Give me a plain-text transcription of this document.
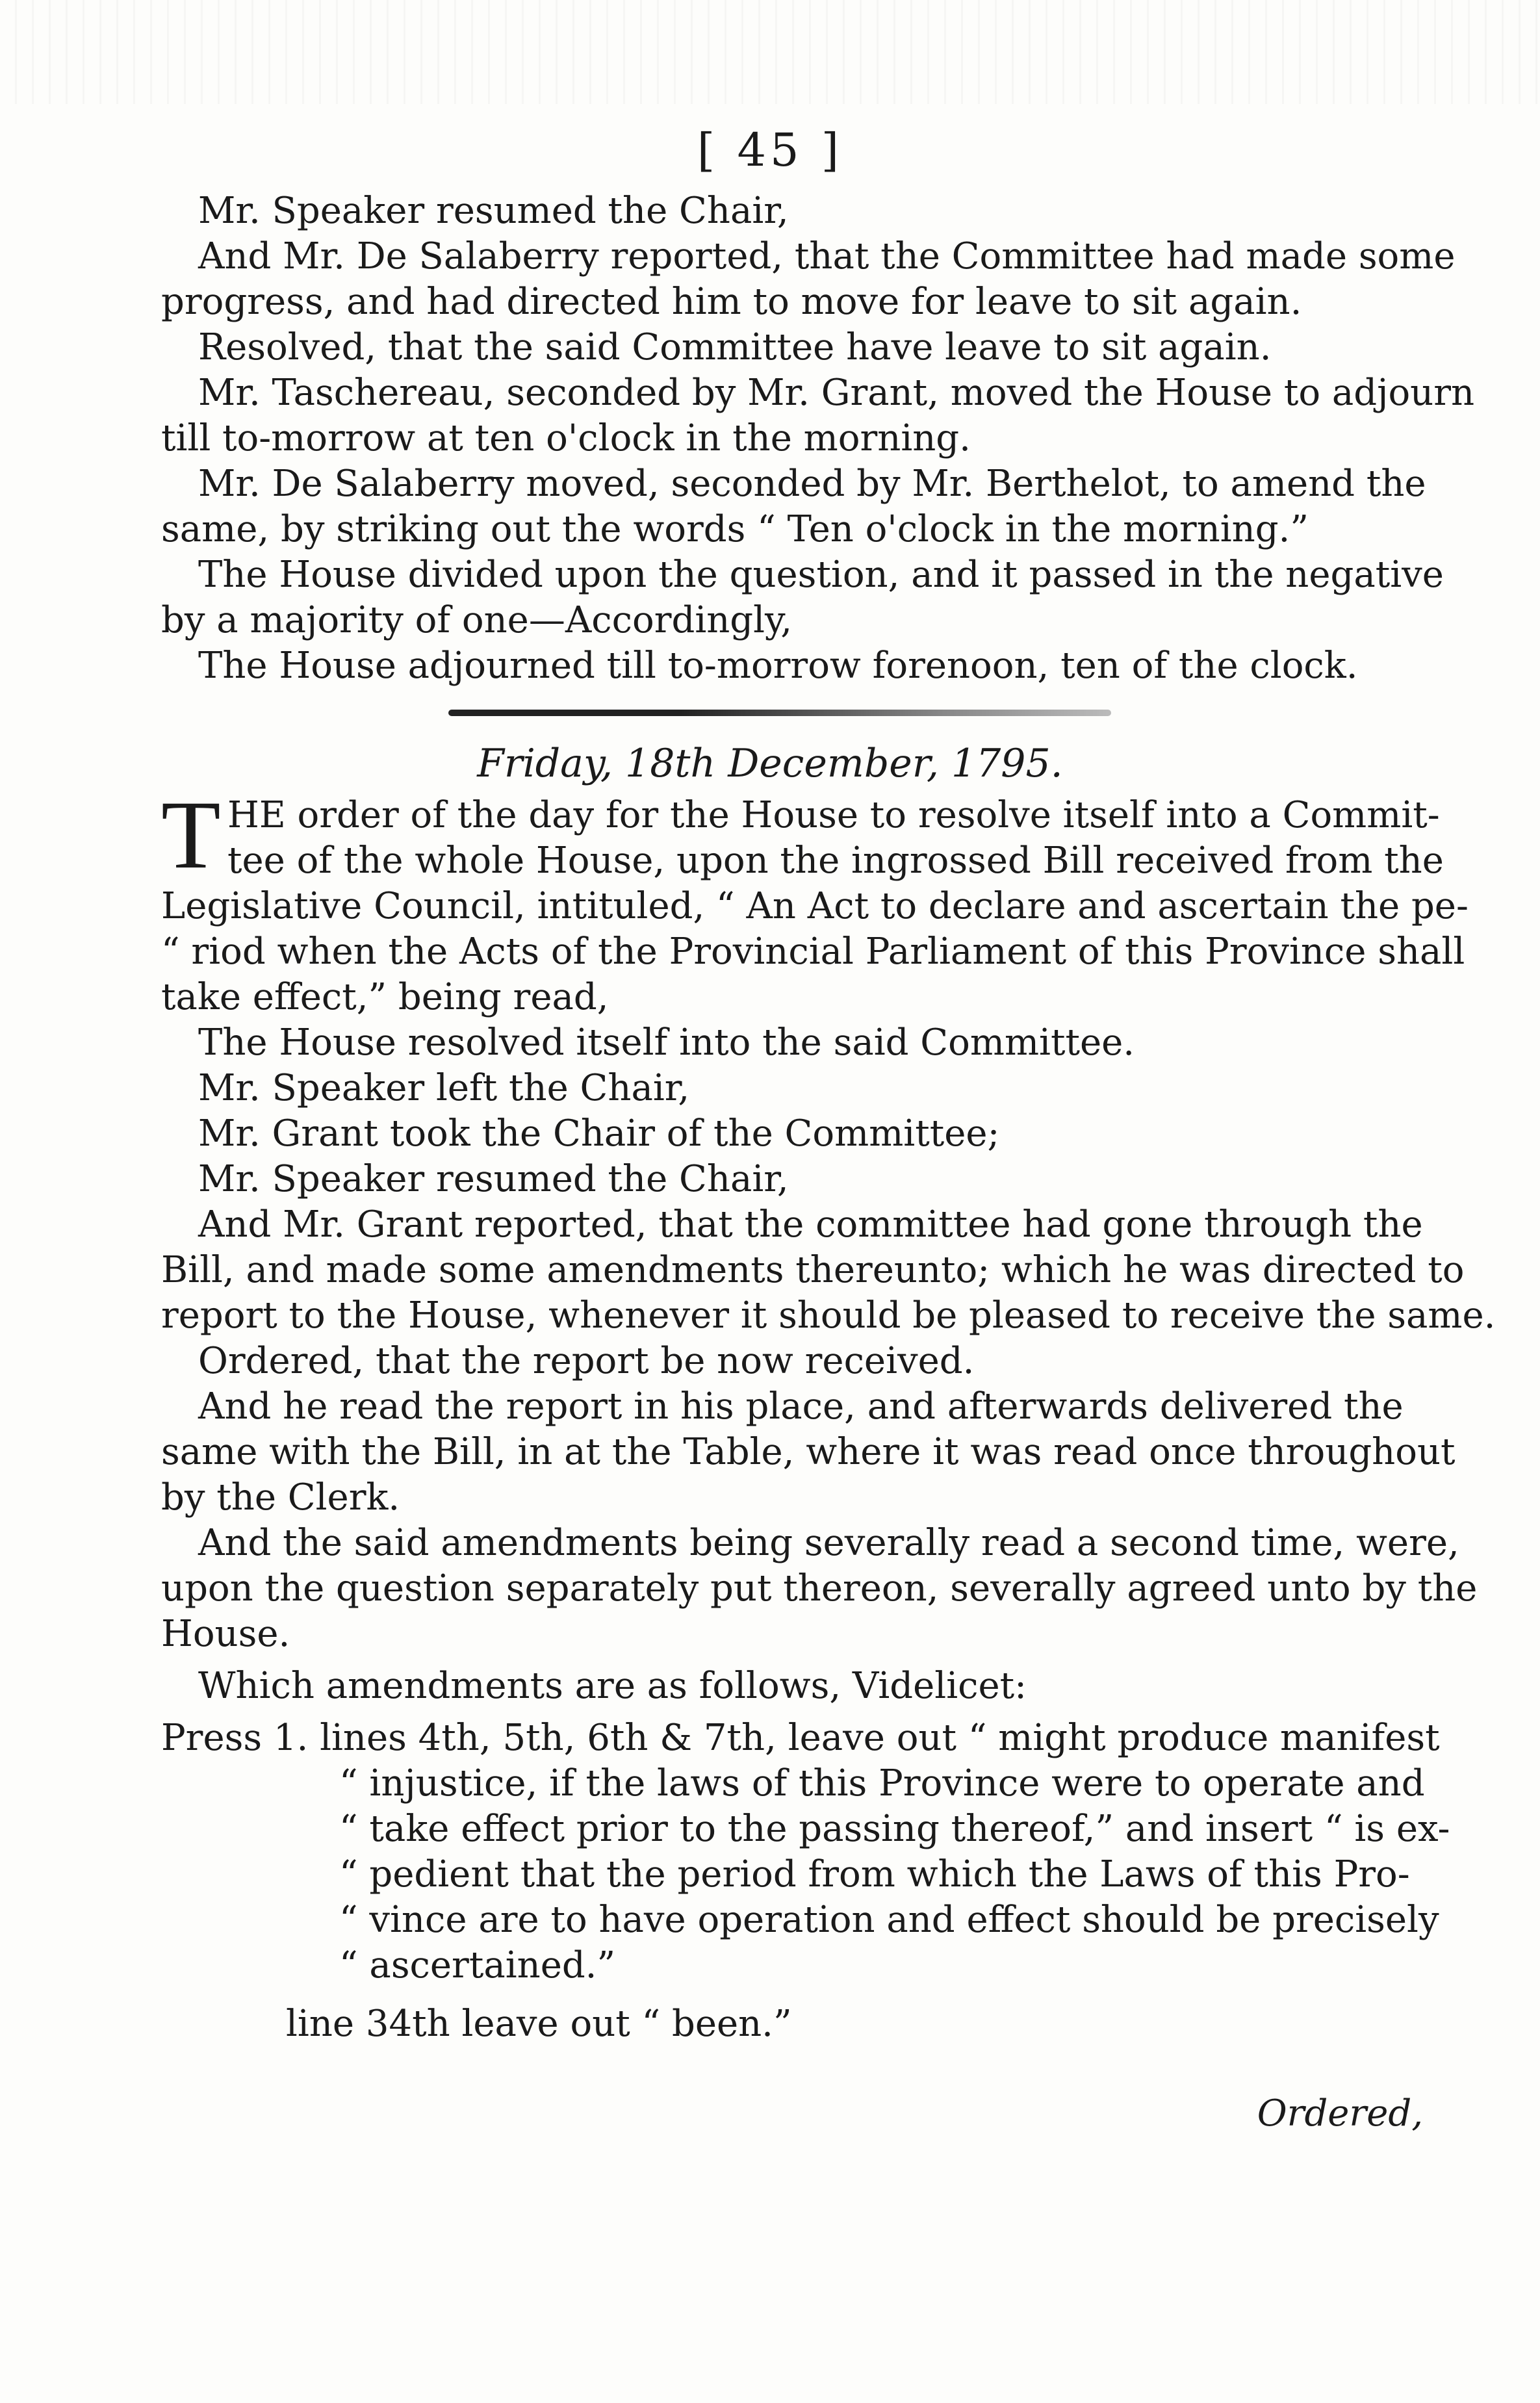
[ 45 ]
Mr. Speaker resumed the Chair,
And Mr. De Salaberry reported, that the Committee had made some
progress, and had directed him to move for leave to sit again.
Resolved, that the said Committee have leave to sit again.
Mr. Taschereau, seconded by Mr. Grant, moved the House to adjourn
till to-morrow at ten o'clock in the morning.
Mr. De Salaberry moved, seconded by Mr. Berthelot, to amend the
same, by striking out the words “ Ten o'clock in the morning.”
The House divided upon the question, and it passed in the negative
by a majority of one—Accordingly,
The House adjourned till to-morrow forenoon, ten of the clock.
Friday, 18th December, 1795.
T HE order of the day for the House to resolve itself into a Commit-
tee of the whole House, upon the ingrossed Bill received from the
Legislative Council, intituled, “ An Act to declare and ascertain the pe-
“ riod when the Acts of the Provincial Parliament of this Province shall
take effect,” being read,
The House resolved itself into the said Committee.
Mr. Speaker left the Chair,
Mr. Grant took the Chair of the Committee;
Mr. Speaker resumed the Chair,
And Mr. Grant reported, that the committee had gone through the
Bill, and made some amendments thereunto; which he was directed to
report to the House, whenever it should be pleased to receive the same.
Ordered, that the report be now received.
And he read the report in his place, and afterwards delivered the
same with the Bill, in at the Table, where it was read once throughout
by the Clerk.
And the said amendments being severally read a second time, were,
upon the question separately put thereon, severally agreed unto by the
House.
Which amendments are as follows, Videlicet:
Press 1. lines 4th, 5th, 6th & 7th, leave out “ might produce manifest
“ injustice, if the laws of this Province were to operate and
“ take effect prior to the passing thereof,” and insert “ is ex-
“ pedient that the period from which the Laws of this Pro-
“ vince are to have operation and effect should be precisely
“ ascertained.”
line 34th leave out “ been.”
Ordered,
